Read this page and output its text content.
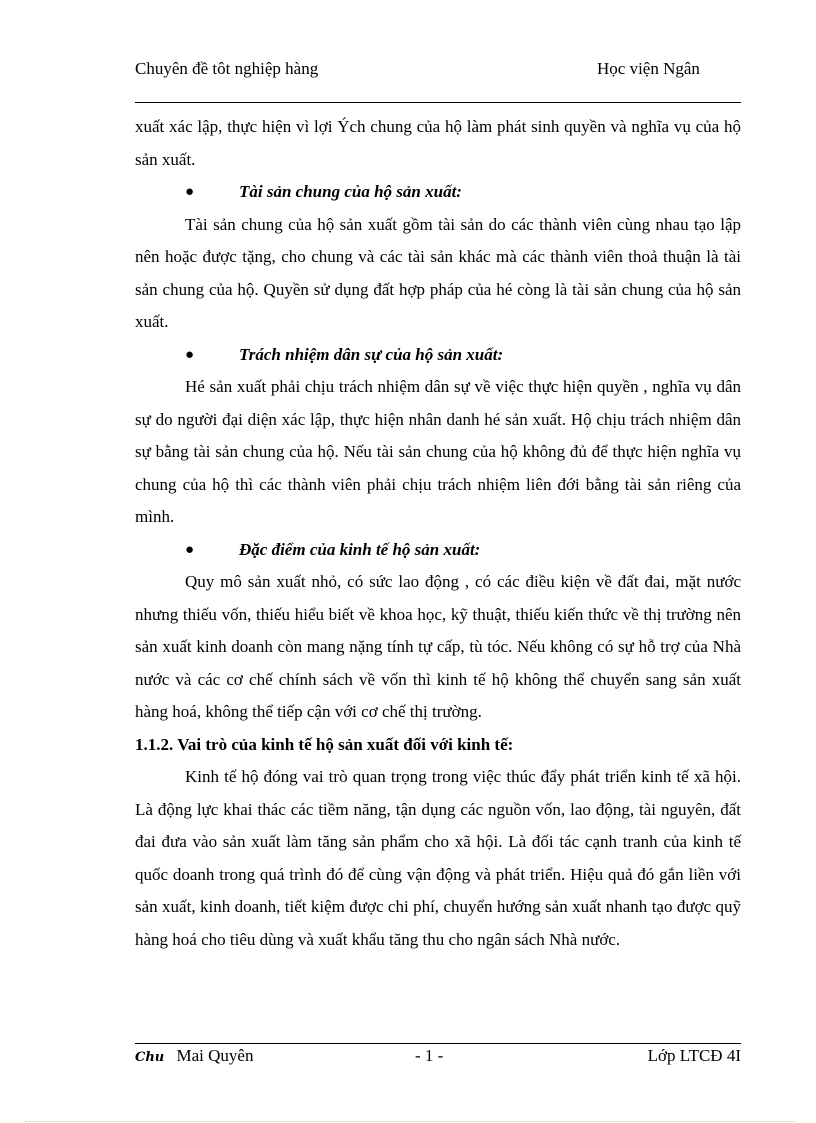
Chuyên đề tôt nghiệp hàng	Học viện Ngân

xuất xác lập, thực hiện vì lợi Ých chung của hộ làm phát sinh quyền và nghĩa vụ của hộ sản xuất.

●	Tài sản chung của hộ sản xuất:

Tài sản chung của hộ sản xuất gồm tài sản do các thành viên cùng nhau tạo lập nên hoặc được tặng, cho chung và các tài sản khác mà các thành viên thoả thuận là tài sản chung của hộ. Quyền sử dụng đất hợp pháp của hé còng là tài sản chung của hộ sản xuất.

●	Trách nhiệm dân sự của hộ sản xuất:

Hé sản xuất phải chịu trách nhiệm dân sự về việc thực hiện quyền , nghĩa vụ dân sự do người đại diện xác lập, thực hiện nhân danh hé sản xuất. Hộ chịu trách nhiệm dân sự bằng tài sản chung của hộ. Nếu tài sản chung của hộ không đủ để thực hiện nghĩa vụ chung của hộ thì các thành viên phải chịu trách nhiệm liên đới bằng tài sản riêng của mình.

●	Đặc điểm của kinh tế hộ sản xuất:

Quy mô sản xuất nhỏ, có sức lao động , có các điều kiện về đất đai, mặt nước nhưng thiếu vốn, thiếu hiểu biết về khoa học, kỹ thuật, thiếu kiến thức về thị trường nên sản xuất kinh doanh còn mang nặng tính tự cấp, tù tóc. Nếu không có sự hỗ trợ của Nhà nước và các cơ chế chính sách về vốn thì kinh tế hộ không thể chuyển sang sản xuất hàng hoá, không thể tiếp cận với cơ chế thị trường.

1.1.2. Vai trò của kinh tế hộ sản xuất đối với kinh tế:

Kinh tế hộ đóng vai trò quan trọng trong việc thúc đẩy phát triển kinh tế xã hội. Là động lực khai thác các tiềm năng, tận dụng các nguồn vốn, lao động, tài nguyên, đất đai đưa vào sản xuất làm tăng sản phẩm cho xã hội. Là đối tác cạnh tranh của kinh tế quốc doanh trong quá trình đó để cùng vận động và phát triển. Hiệu quả đó gắn liền với sản xuất, kinh doanh, tiết kiệm được chi phí, chuyển hướng sản xuất nhanh tạo được quỹ hàng hoá cho tiêu dùng và xuất khẩu tăng thu cho ngân sách Nhà nước.

Chu Mai Quyên	- 1 -	Lớp LTCĐ 4I
